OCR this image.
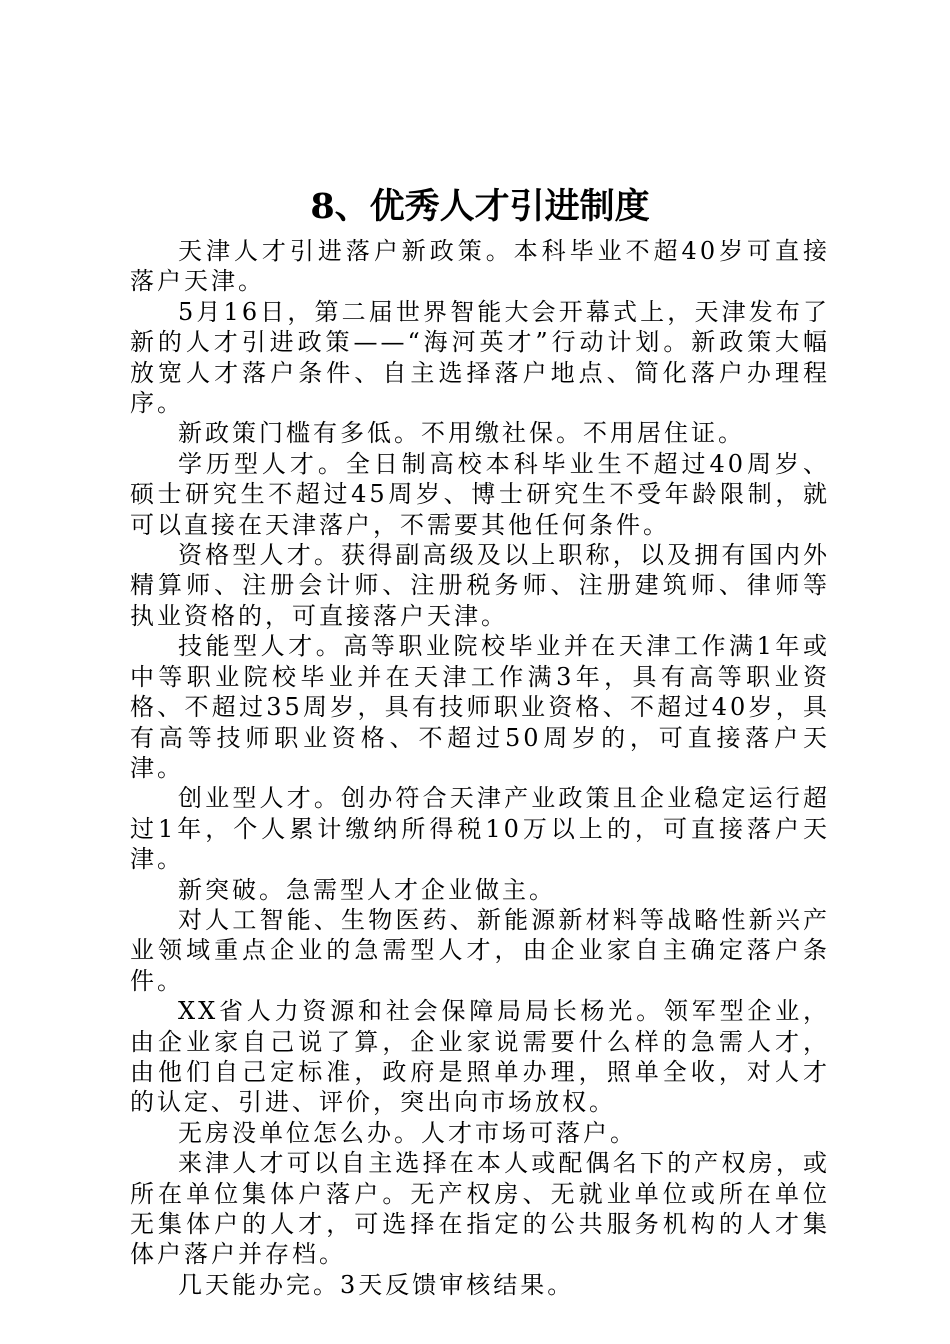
8、优秀人才引进制度

天津人才引进落户新政策。本科毕业不超40岁可直接落户天津。

5月16日，第二届世界智能大会开幕式上，天津发布了新的人才引进政策——“海河英才”行动计划。新政策大幅放宽人才落户条件、自主选择落户地点、简化落户办理程序。

新政策门槛有多低。不用缴社保。不用居住证。

学历型人才。全日制高校本科毕业生不超过40周岁、硕士研究生不超过45周岁、博士研究生不受年龄限制，就可以直接在天津落户，不需要其他任何条件。

资格型人才。获得副高级及以上职称，以及拥有国内外精算师、注册会计师、注册税务师、注册建筑师、律师等执业资格的，可直接落户天津。

技能型人才。高等职业院校毕业并在天津工作满1年或中等职业院校毕业并在天津工作满3年，具有高等职业资格、不超过35周岁，具有技师职业资格、不超过40岁，具有高等技师职业资格、不超过50周岁的，可直接落户天津。

创业型人才。创办符合天津产业政策且企业稳定运行超过1年，个人累计缴纳所得税10万以上的，可直接落户天津。

新突破。急需型人才企业做主。

对人工智能、生物医药、新能源新材料等战略性新兴产业领域重点企业的急需型人才，由企业家自主确定落户条件。

XX省人力资源和社会保障局局长杨光。领军型企业，由企业家自己说了算，企业家说需要什么样的急需人才，由他们自己定标准，政府是照单办理，照单全收，对人才的认定、引进、评价，突出向市场放权。

无房没单位怎么办。人才市场可落户。

来津人才可以自主选择在本人或配偶名下的产权房，或所在单位集体户落户。无产权房、无就业单位或所在单位无集体户的人才，可选择在指定的公共服务机构的人才集体户落户并存档。

几天能办完。3天反馈审核结果。
